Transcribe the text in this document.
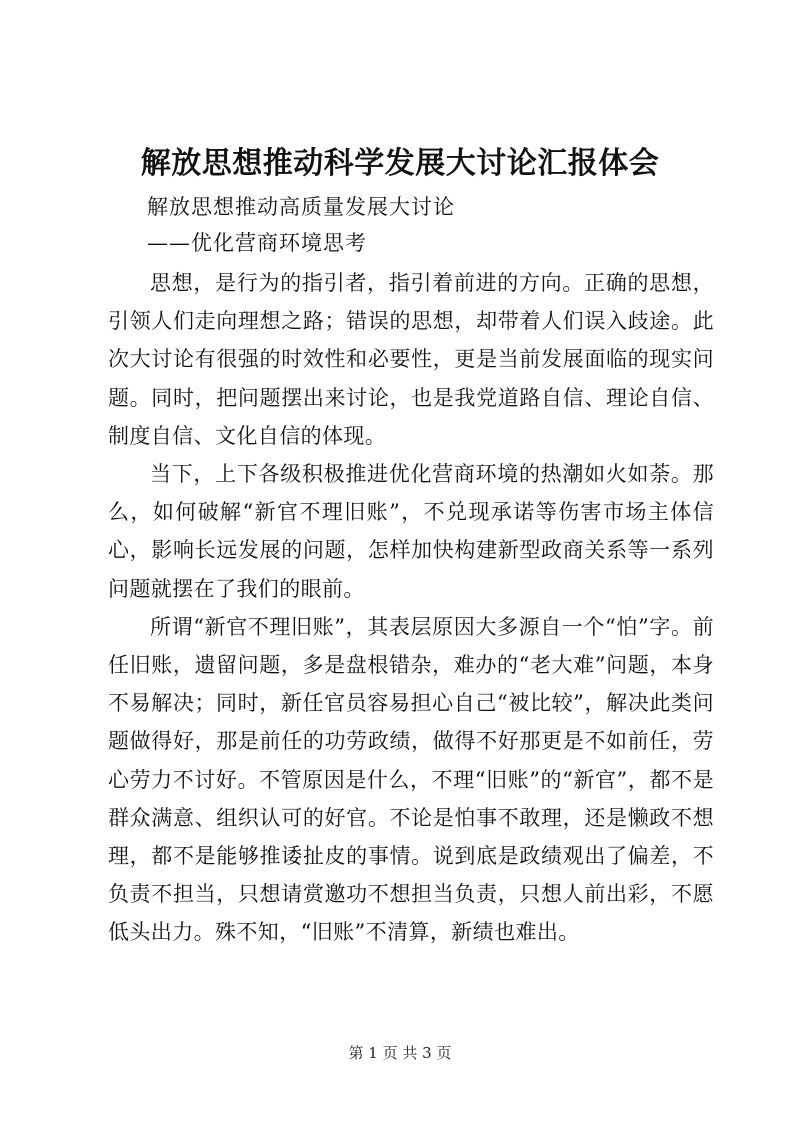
解放思想推动科学发展大讨论汇报体会
解放思想推动高质量发展大讨论
——优化营商环境思考

思想，是行为的指引者，指引着前进的方向。正确的思想，引领人们走向理想之路；错误的思想，却带着人们误入歧途。此次大讨论有很强的时效性和必要性，更是当前发展面临的现实问题。同时，把问题摆出来讨论，也是我党道路自信、理论自信、制度自信、文化自信的体现。

当下，上下各级积极推进优化营商环境的热潮如火如荼。那么，如何破解“新官不理旧账”，不兑现承诺等伤害市场主体信心，影响长远发展的问题，怎样加快构建新型政商关系等一系列问题就摆在了我们的眼前。

所谓“新官不理旧账”，其表层原因大多源自一个“怕”字。前任旧账，遗留问题，多是盘根错杂，难办的“老大难”问题，本身不易解决；同时，新任官员容易担心自己“被比较”，解决此类问题做得好，那是前任的功劳政绩，做得不好那更是不如前任，劳心劳力不讨好。不管原因是什么，不理“旧账”的“新官”，都不是群众满意、组织认可的好官。不论是怕事不敢理，还是懒政不想理，都不是能够推诿扯皮的事情。说到底是政绩观出了偏差，不负责不担当，只想请赏邀功不想担当负责，只想人前出彩，不愿低头出力。殊不知，“旧账”不清算，新绩也难出。

第 1 页 共 3 页
